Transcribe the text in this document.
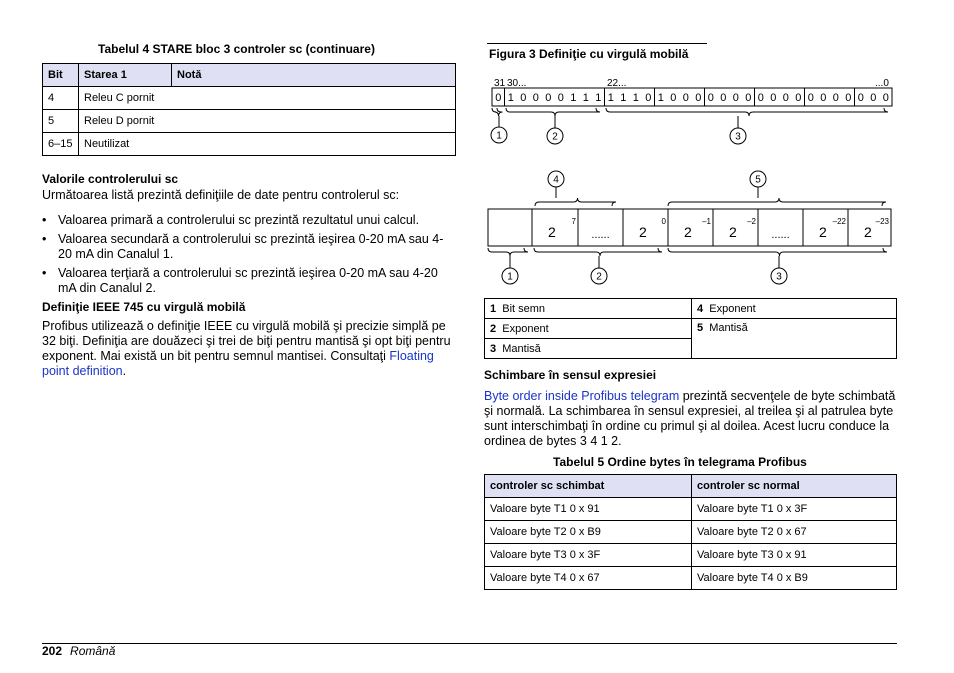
Tabelul 4 STARE bloc 3 controler sc (continuare)
Bit	Starea 1	Notă
4	Releu C pornit	
5	Releu D pornit	
6–15	Neutilizat	
Valorile controlerului sc

Următoarea listă prezintă definiţiile de date pentru controlerul sc:

• Valoarea primară a controlerului sc prezintă rezultatul unui calcul.
• Valoarea secundară a controlerului sc prezintă ieşirea 0-20 mA sau 4-20 mA din Canalul 1.
• Valoarea terţiară a controlerului sc prezintă ieşirea 0-20 mA sau 4-20 mA din Canalul 2.
Definiţie IEEE 745 cu virgulă mobilă

Profibus utilizează o definiţie IEEE cu virgulă mobilă şi precizie simplă pe 32 biţi. Definiţia are douăzeci şi trei de biţi pentru mantisă şi opt biţi pentru exponent. Mai există un bit pentru semnul mantisei. Consultaţi Floating point definition.

Figura 3 Definiţie cu virgulă mobilă
31 30...	22...	...0
0 1 0 0 0 0 1 1 1 1 1 1 0 1 0 0 0 0 0 0 0 0 0 0 0 0 0 0 0 0 0 0
1	2	3
4	5
1	2	3
2
7
...... 2
0
2
–1
2
–2
...... 2
–22
2
–23
1 Bit semn	4 Exponent
2 Exponent	5 Mantisă
3 Mantisă	
Schimbare în sensul expresiei

Byte order inside Profibus telegram prezintă secvenţele de byte schimbată şi normală. La schimbarea în sensul expresiei, al treilea şi al patrulea byte sunt interschimbaţi în ordine cu primul şi al doilea. Acest lucru conduce la ordinea de bytes 3 4 1 2.

Tabelul 5 Ordine bytes în telegrama Profibus
controler sc schimbat	controler sc normal
Valoare byte T1 0 x 91	Valoare byte T1 0 x 3F
Valoare byte T2 0 x B9	Valoare byte T2 0 x 67
Valoare byte T3 0 x 3F	Valoare byte T3 0 x 91
Valoare byte T4 0 x 67	Valoare byte T4 0 x B9
202 Română
